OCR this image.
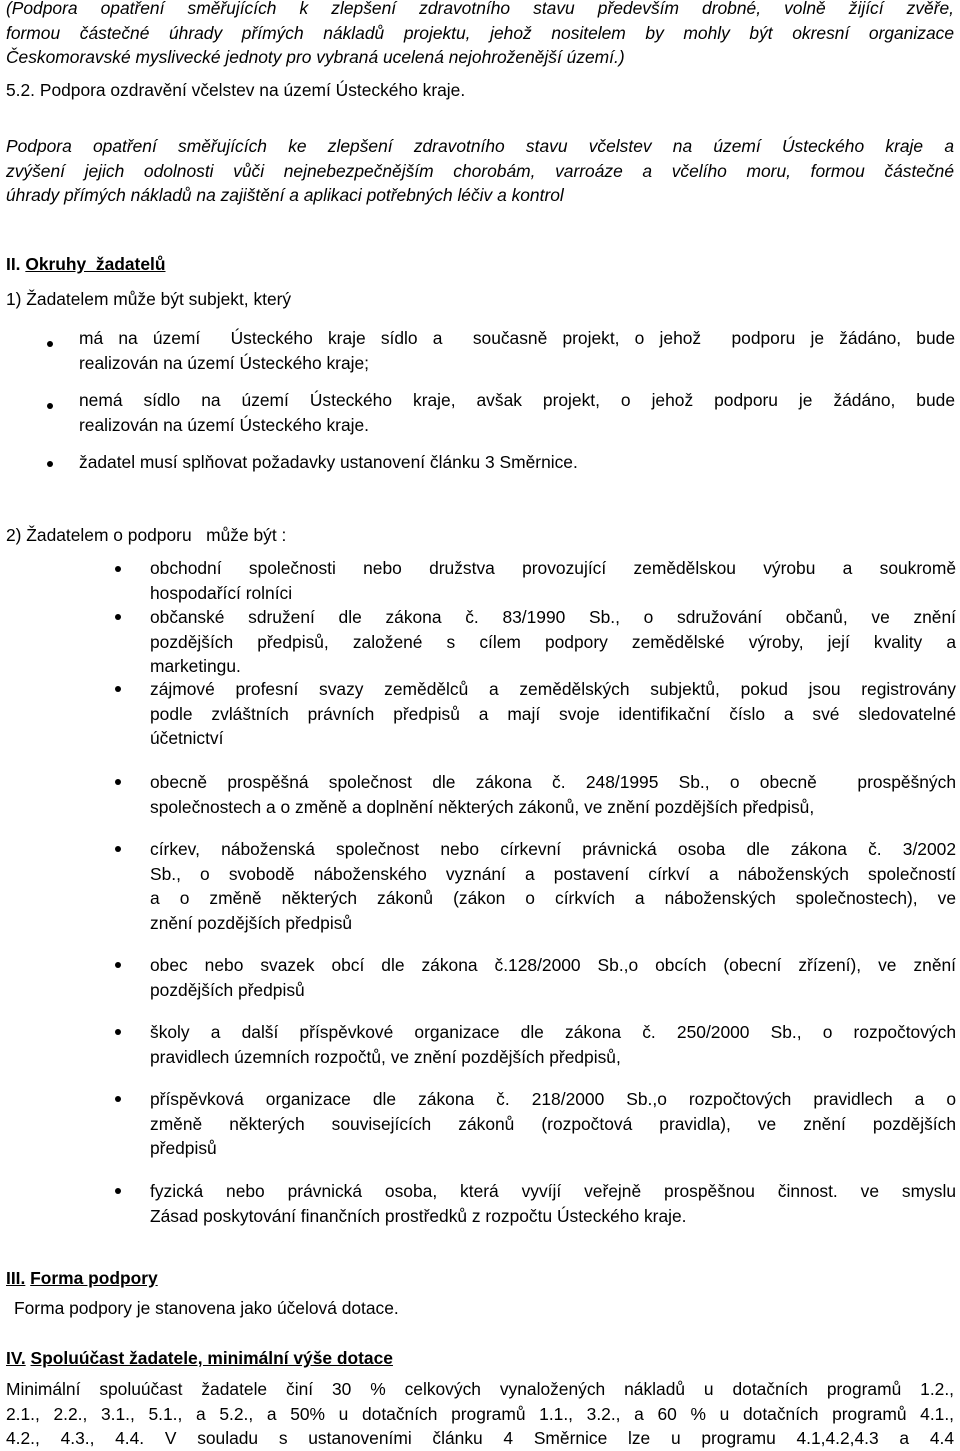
(Podpora opatření směřujících k zlepšení zdravotního stavu především drobné, volně žijící zvěře,
formou částečné úhrady přímých nákladů projektu, jehož nositelem by mohly být okresní organizace
Českomoravské myslivecké jednoty pro vybraná ucelená nejohroženější území.)
5.2. Podpora ozdravění včelstev na území Ústeckého kraje.
Podpora opatření směřujících ke zlepšení zdravotního stavu včelstev na území Ústeckého kraje a
zvýšení jejich odolnosti vůči nejnebezpečnějším chorobám, varroáze a včelího moru, formou částečné
úhrady přímých nákladů na zajištění a aplikaci potřebných léčiv a kontrol
II. Okruhy  žadatelů
1) Žadatelem může být subjekt, který
má na území  Ústeckého kraje sídlo a  současně projekt, o jehož  podporu je žádáno, bude
realizován na území Ústeckého kraje;
nemá sídlo na území Ústeckého kraje, avšak projekt, o jehož podporu je žádáno, bude
realizován na území Ústeckého kraje.
žadatel musí splňovat požadavky ustanovení článku 3 Směrnice.
2) Žadatelem o podporu   může být :
obchodní společnosti nebo družstva provozující zemědělskou výrobu a soukromě
hospodařící rolníci
občanské sdružení dle zákona č. 83/1990 Sb., o sdružování občanů, ve znění
pozdějších předpisů, založené s cílem podpory zemědělské výroby, její kvality a
marketingu.
zájmové profesní svazy zemědělců a zemědělských subjektů, pokud jsou registrovány
podle zvláštních právních předpisů a mají svoje identifikační číslo a své sledovatelné
účetnictví
obecně prospěšná společnost dle zákona č. 248/1995 Sb., o obecně  prospěšných
společnostech a o změně a doplnění některých zákonů, ve znění pozdějších předpisů,
církev, náboženská společnost nebo církevní právnická osoba dle zákona č. 3/2002
Sb., o svobodě náboženského vyznání a postavení církví a náboženských společností
a o změně některých zákonů (zákon o církvích a náboženských společnostech), ve
znění pozdějších předpisů
obec nebo svazek obcí dle zákona č.128/2000 Sb.,o obcích (obecní zřízení), ve znění
pozdějších předpisů
školy a další příspěvkové organizace dle zákona č. 250/2000 Sb., o rozpočtových
pravidlech územních rozpočtů, ve znění pozdějších předpisů,
příspěvková organizace dle zákona č. 218/2000 Sb.,o rozpočtových pravidlech a o
změně některých souvisejících zákonů (rozpočtová pravidla), ve znění pozdějších
předpisů
fyzická nebo právnická osoba, která vyvíjí veřejně prospěšnou činnost. ve smyslu
Zásad poskytování finančních prostředků z rozpočtu Ústeckého kraje.
III. Forma podpory
Forma podpory je stanovena jako účelová dotace.
IV. Spoluúčast žadatele, minimální výše dotace
Minimální spoluúčast žadatele činí 30 % celkových vynaložených nákladů u dotačních programů 1.2.,
2.1., 2.2., 3.1., 5.1., a 5.2., a 50% u dotačních programů 1.1., 3.2., a 60 % u dotačních programů 4.1.,
4.2., 4.3., 4.4. V souladu s ustanoveními článku 4 Směrnice lze u programu 4.1,4.2,4.3 a 4.4
